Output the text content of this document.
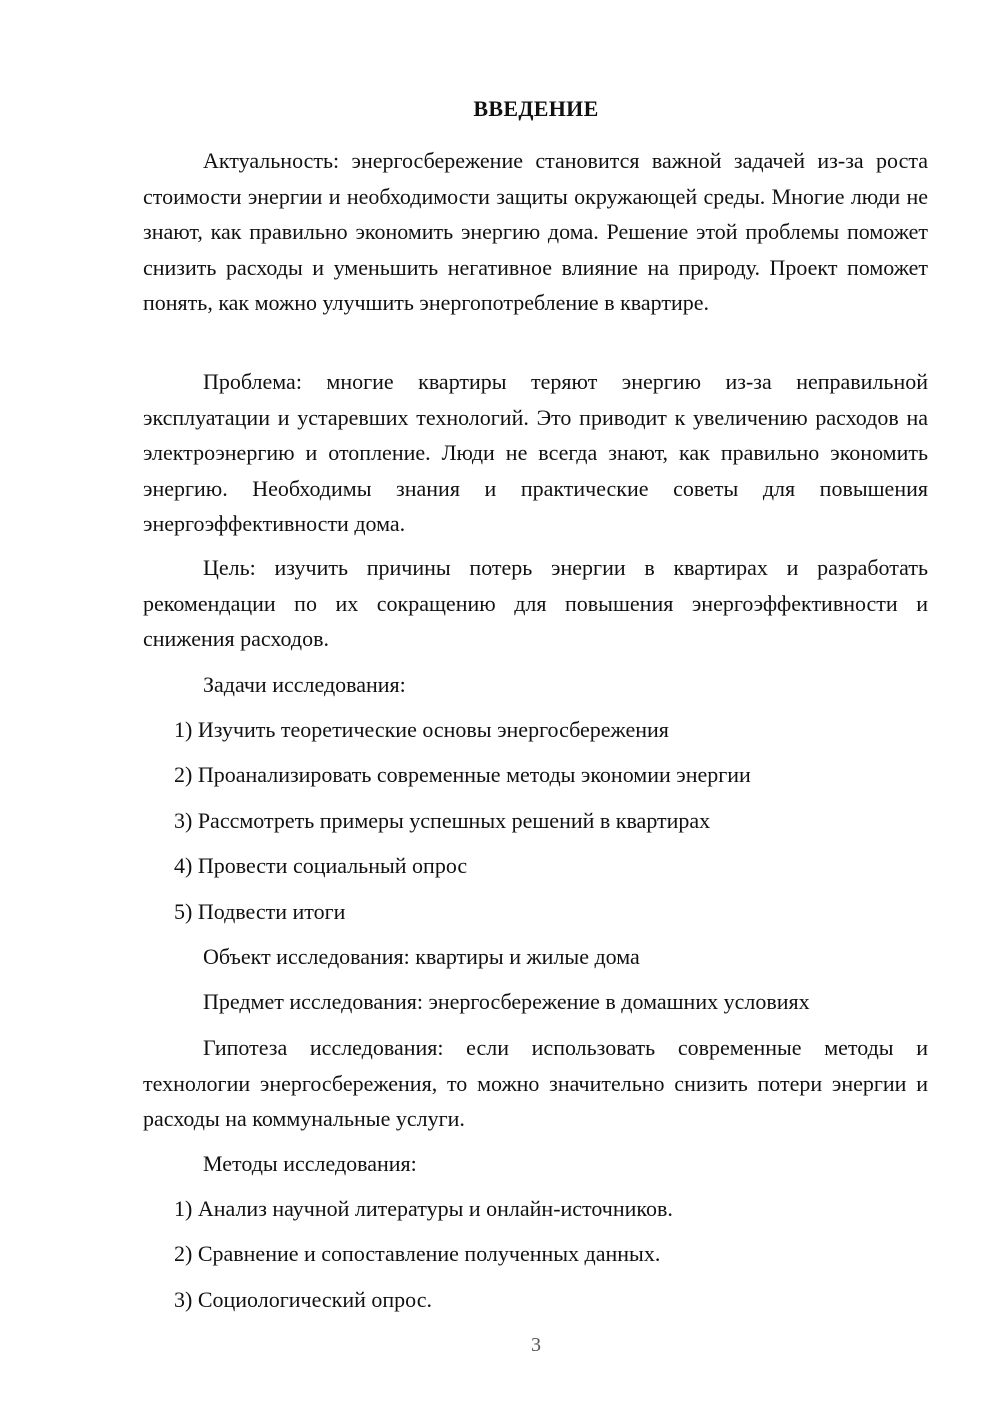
ВВЕДЕНИЕ

Актуальность: энергосбережение становится важной задачей из-за роста стоимости энергии и необходимости защиты окружающей среды. Многие люди не знают, как правильно экономить энергию дома. Решение этой проблемы поможет снизить расходы и уменьшить негативное влияние на природу. Проект поможет понять, как можно улучшить энергопотребление в квартире.

Проблема: многие квартиры теряют энергию из-за неправильной эксплуатации и устаревших технологий. Это приводит к увеличению расходов на электроэнергию и отопление. Люди не всегда знают, как правильно экономить энергию. Необходимы знания и практические советы для повышения энергоэффективности дома.

Цель: изучить причины потерь энергии в квартирах и разработать рекомендации по их сокращению для повышения энергоэффективности и снижения расходов.

Задачи исследования:

1) Изучить теоретические основы энергосбережения

2) Проанализировать современные методы экономии энергии

3) Рассмотреть примеры успешных решений в квартирах

4) Провести социальный опрос

5) Подвести итоги

Объект исследования: квартиры и жилые дома

Предмет исследования: энергосбережение в домашних условиях

Гипотеза исследования: если использовать современные методы и технологии энергосбережения, то можно значительно снизить потери энергии и расходы на коммунальные услуги.

Методы исследования:

1) Анализ научной литературы и онлайн-источников.

2) Сравнение и сопоставление полученных данных.

3) Социологический опрос.

3
